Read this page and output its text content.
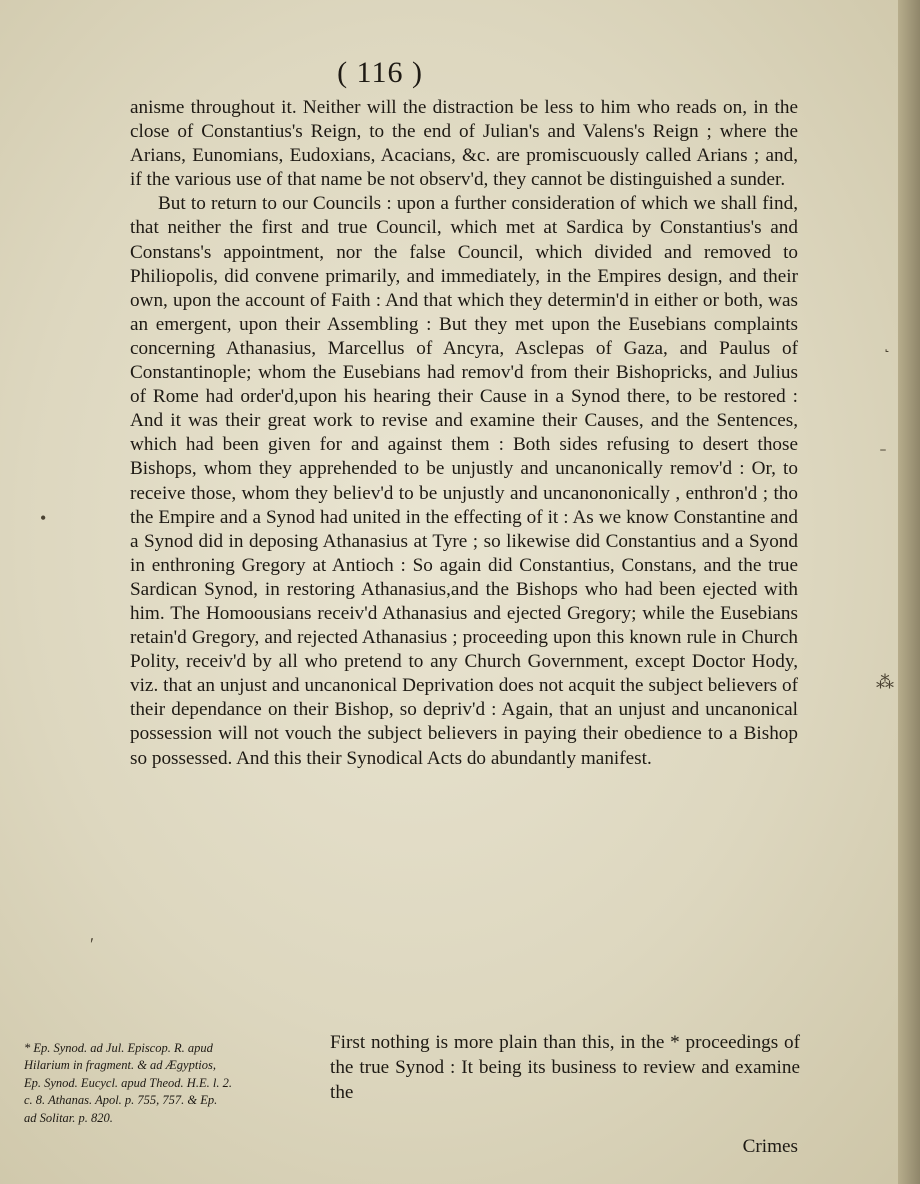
( 116 )

anisme throughout it. Neither will the distraction be less to him who reads on, in the close of Constantius's Reign, to the end of Julian's and Valens's Reign ; where the Arians, Eunomians, Eudoxians, Acacians, &c. are promiscuously called Arians ; and, if the various use of that name be not observ'd, they cannot be distinguished a sunder.

But to return to our Councils : upon a further consideration of which we shall find, that neither the first and true Council, which met at Sardica by Constantius's and Constans's appointment, nor the false Council, which divided and removed to Philiopolis, did convene primarily, and immediately, in the Empires design, and their own, upon the account of Faith : And that which they determin'd in either or both, was an emergent, upon their Assembling : But they met upon the Eusebians complaints concerning Athanasius, Marcellus of Ancyra, Asclepas of Gaza, and Paulus of Constantinople; whom the Eusebians had remov'd from their Bishopricks, and Julius of Rome had order'd,upon his hearing their Cause in a Synod there, to be restored : And it was their great work to revise and examine their Causes, and the Sentences, which had been given for and against them : Both sides refusing to desert those Bishops, whom they apprehended to be unjustly and uncanonically remov'd : Or, to receive those, whom they believ'd to be unjustly and uncanononically , enthron'd ; tho the Empire and a Synod had united in the effecting of it : As we know Constantine and a Synod did in deposing Athanasius at Tyre ; so likewise did Constantius and a Syond in enthroning Gregory at Antioch : So again did Constantius, Constans, and the true Sardican Synod, in restoring Athanasius,and the Bishops who had been ejected with him. The Homoousians receiv'd Athanasius and ejected Gregory; while the Eusebians retain'd Gregory, and rejected Athanasius ; proceeding upon this known rule in Church Polity, receiv'd by all who pretend to any Church Government, except Doctor Hody, viz. that an unjust and uncanonical Deprivation does not acquit the subject believers of their dependance on their Bishop, so depriv'd : Again, that an unjust and uncanonical possession will not vouch the subject believers in paying their obedience to a Bishop so possessed. And this their Synodical Acts do abundantly manifest.

* Ep. Synod. ad Jul. Episcop. R. apud

Hilarium in fragment. & ad Ægyptios,

Ep. Synod. Eucycl. apud Theod. H.E. l. 2.

c. 8. Athanas. Apol. p. 755, 757. & Ep.

ad Solitar. p. 820.

First nothing is more plain than this, in the * proceedings of the true Synod : It being its business to review and examine the

Crimes
˻
ˍ
•
⁂
ʹ
